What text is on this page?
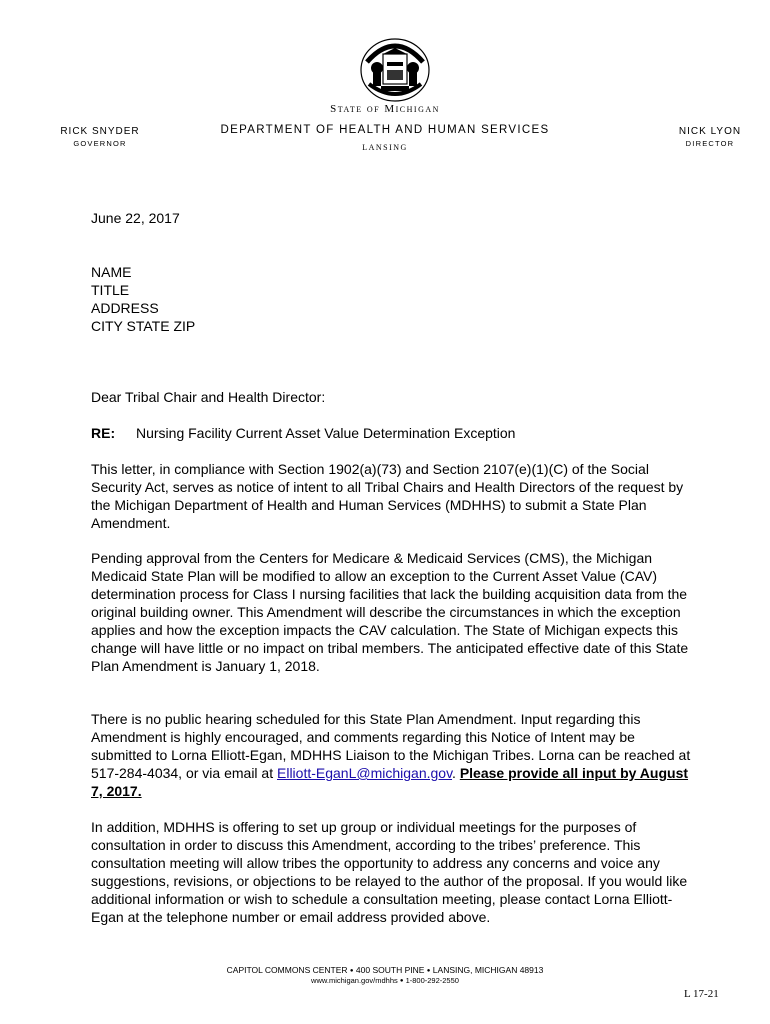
State of Michigan
DEPARTMENT OF HEALTH AND HUMAN SERVICES
LANSING
RICK SNYDER
GOVERNOR
NICK LYON
DIRECTOR
June 22, 2017
NAME
TITLE
ADDRESS
CITY STATE ZIP
Dear Tribal Chair and Health Director:
RE: Nursing Facility Current Asset Value Determination Exception
This letter, in compliance with Section 1902(a)(73) and Section 2107(e)(1)(C) of the Social Security Act, serves as notice of intent to all Tribal Chairs and Health Directors of the request by the Michigan Department of Health and Human Services (MDHHS) to submit a State Plan Amendment.
Pending approval from the Centers for Medicare & Medicaid Services (CMS), the Michigan Medicaid State Plan will be modified to allow an exception to the Current Asset Value (CAV) determination process for Class I nursing facilities that lack the building acquisition data from the original building owner. This Amendment will describe the circumstances in which the exception applies and how the exception impacts the CAV calculation. The State of Michigan expects this change will have little or no impact on tribal members. The anticipated effective date of this State Plan Amendment is January 1, 2018.
There is no public hearing scheduled for this State Plan Amendment. Input regarding this Amendment is highly encouraged, and comments regarding this Notice of Intent may be submitted to Lorna Elliott-Egan, MDHHS Liaison to the Michigan Tribes. Lorna can be reached at 517-284-4034, or via email at Elliott-EganL@michigan.gov. Please provide all input by August 7, 2017.
In addition, MDHHS is offering to set up group or individual meetings for the purposes of consultation in order to discuss this Amendment, according to the tribes’ preference. This consultation meeting will allow tribes the opportunity to address any concerns and voice any suggestions, revisions, or objections to be relayed to the author of the proposal. If you would like additional information or wish to schedule a consultation meeting, please contact Lorna Elliott-Egan at the telephone number or email address provided above.
CAPITOL COMMONS CENTER ● 400 SOUTH PINE ● LANSING, MICHIGAN 48913
www.michigan.gov/mdhhs ● 1-800-292-2550
L 17-21
